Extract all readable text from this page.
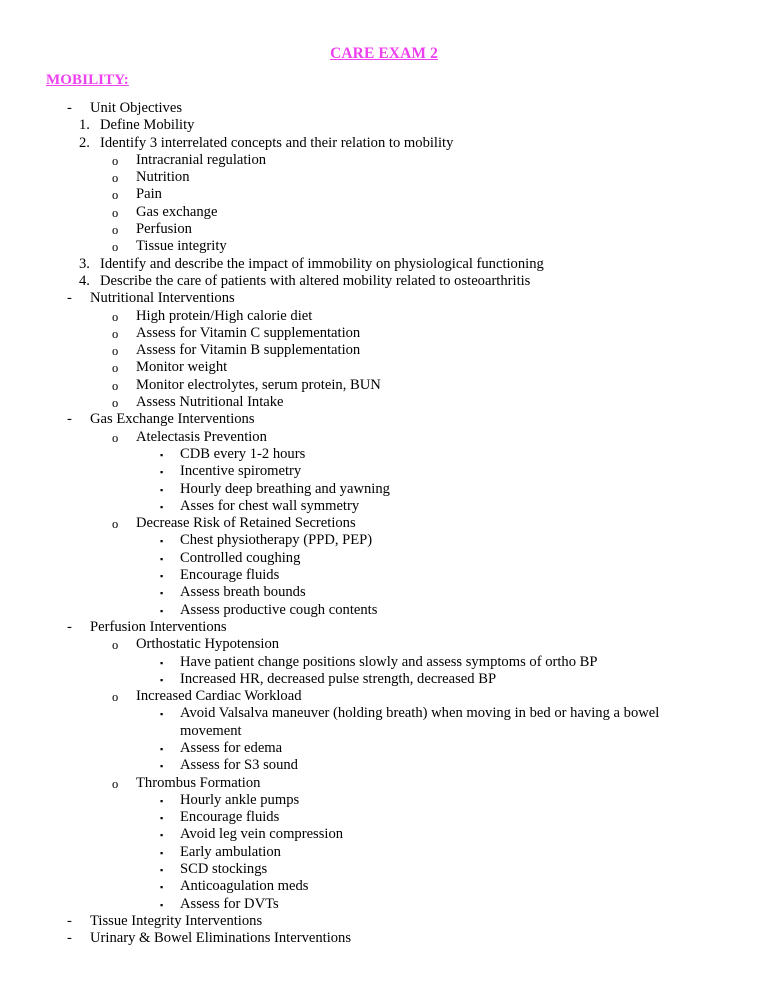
CARE EXAM 2
MOBILITY:
- Unit Objectives
1. Define Mobility
2. Identify 3 interrelated concepts and their relation to mobility
o Intracranial regulation
o Nutrition
o Pain
o Gas exchange
o Perfusion
o Tissue integrity
3. Identify and describe the impact of immobility on physiological functioning
4. Describe the care of patients with altered mobility related to osteoarthritis
- Nutritional Interventions
o High protein/High calorie diet
o Assess for Vitamin C supplementation
o Assess for Vitamin B supplementation
o Monitor weight
o Monitor electrolytes, serum protein, BUN
o Assess Nutritional Intake
- Gas Exchange Interventions
o Atelectasis Prevention
▪ CDB every 1-2 hours
▪ Incentive spirometry
▪ Hourly deep breathing and yawning
▪ Asses for chest wall symmetry
o Decrease Risk of Retained Secretions
▪ Chest physiotherapy (PPD, PEP)
▪ Controlled coughing
▪ Encourage fluids
▪ Assess breath bounds
▪ Assess productive cough contents
- Perfusion Interventions
o Orthostatic Hypotension
▪ Have patient change positions slowly and assess symptoms of ortho BP
▪ Increased HR, decreased pulse strength, decreased BP
o Increased Cardiac Workload
▪ Avoid Valsalva maneuver (holding breath) when moving in bed or having a bowel movement
▪ Assess for edema
▪ Assess for S3 sound
o Thrombus Formation
▪ Hourly ankle pumps
▪ Encourage fluids
▪ Avoid leg vein compression
▪ Early ambulation
▪ SCD stockings
▪ Anticoagulation meds
▪ Assess for DVTs
- Tissue Integrity Interventions
- Urinary & Bowel Eliminations Interventions
